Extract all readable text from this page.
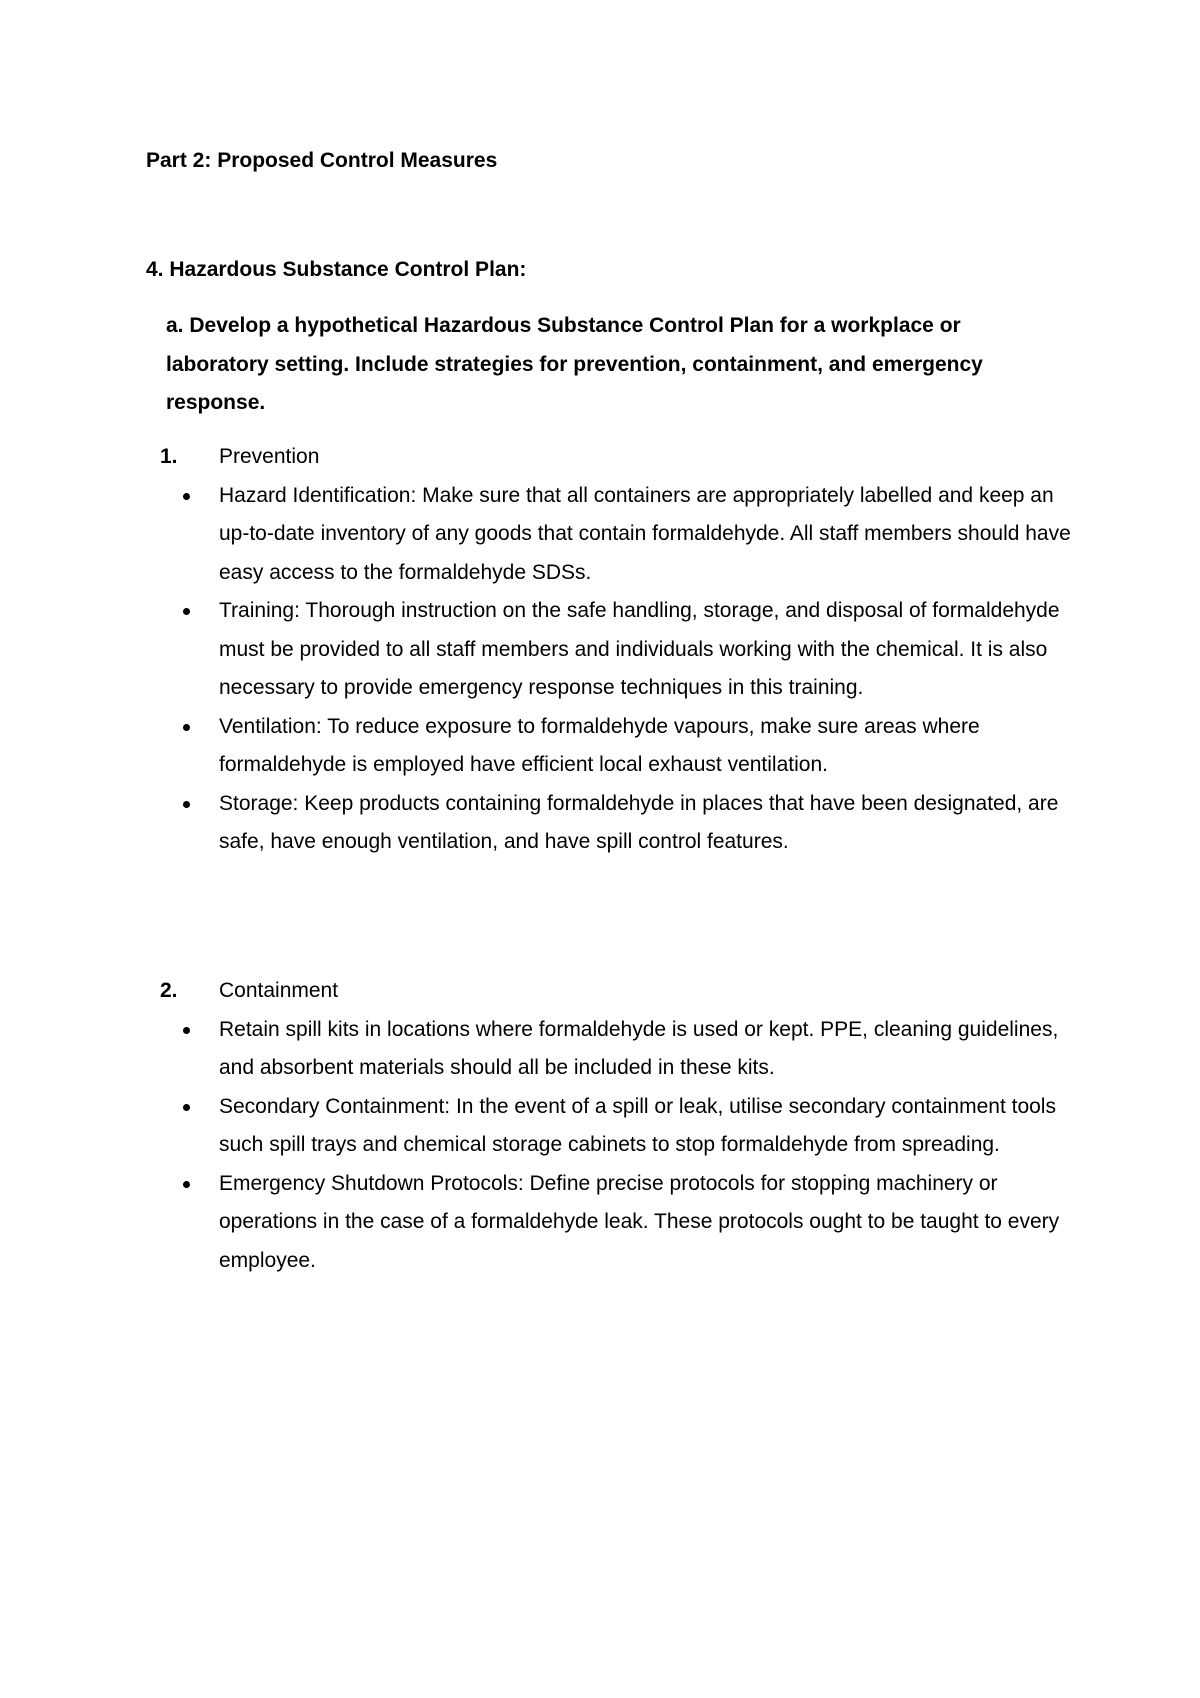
Part 2: Proposed Control Measures
4. Hazardous Substance Control Plan:
a. Develop a hypothetical Hazardous Substance Control Plan for a workplace or laboratory setting. Include strategies for prevention, containment, and emergency response.
1. Prevention
Hazard Identification: Make sure that all containers are appropriately labelled and keep an up-to-date inventory of any goods that contain formaldehyde. All staff members should have easy access to the formaldehyde SDSs.
Training: Thorough instruction on the safe handling, storage, and disposal of formaldehyde must be provided to all staff members and individuals working with the chemical. It is also necessary to provide emergency response techniques in this training.
Ventilation: To reduce exposure to formaldehyde vapours, make sure areas where formaldehyde is employed have efficient local exhaust ventilation.
Storage: Keep products containing formaldehyde in places that have been designated, are safe, have enough ventilation, and have spill control features.
2. Containment
Retain spill kits in locations where formaldehyde is used or kept. PPE, cleaning guidelines, and absorbent materials should all be included in these kits.
Secondary Containment: In the event of a spill or leak, utilise secondary containment tools such spill trays and chemical storage cabinets to stop formaldehyde from spreading.
Emergency Shutdown Protocols: Define precise protocols for stopping machinery or operations in the case of a formaldehyde leak. These protocols ought to be taught to every employee.
